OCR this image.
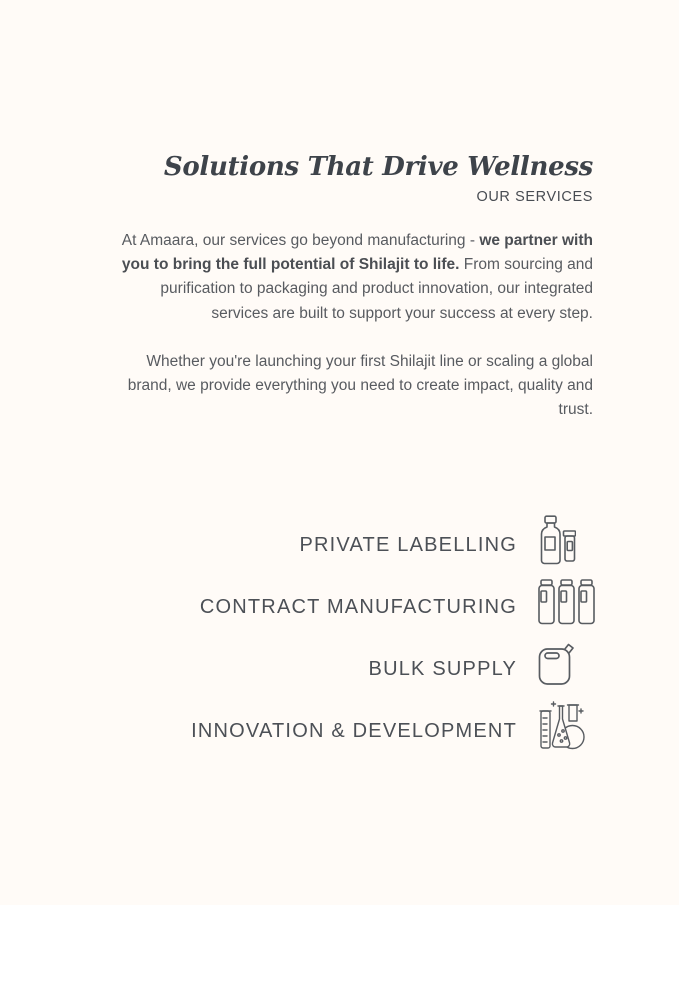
Solutions That Drive Wellness
OUR SERVICES

At Amaara, our services go beyond manufacturing - we partner with you to bring the full potential of Shilajit to life. From sourcing and purification to packaging and product innovation, our integrated services are built to support your success at every step.

Whether you're launching your first Shilajit line or scaling a global brand, we provide everything you need to create impact, quality and trust.

PRIVATE LABELLING
CONTRACT MANUFACTURING
BULK SUPPLY
INNOVATION & DEVELOPMENT
